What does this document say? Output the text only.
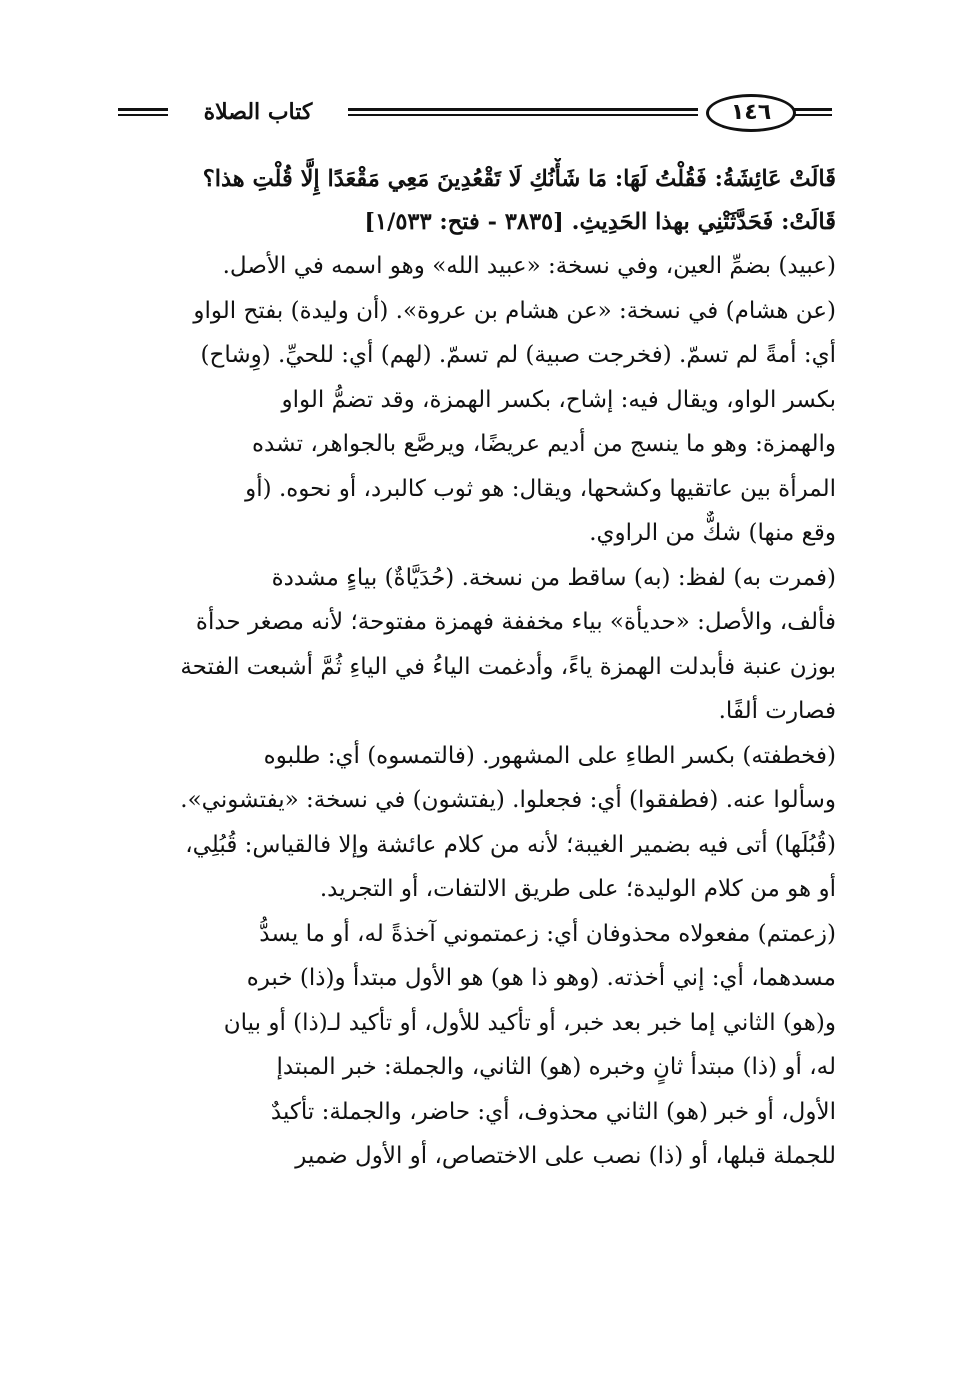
كتاب الصلاة	١٤٦
قَالَتْ عَائِشَةُ: فَقُلْتُ لَهَا: مَا شَأْنُكِ لَا تَقْعُدِينَ مَعِي مَقْعَدًا إِلَّا قُلْتِ هذا؟
قَالَتْ: فَحَدَّثَتْنِي بهذا الحَدِيثِ. [٣٨٣٥ - فتح: ١/٥٣٣]
(عبيد) بضمِّ العين، وفي نسخة: «عبيد الله» وهو اسمه في الأصل.
(عن هشام) في نسخة: «عن هشام بن عروة». (أن وليدة) بفتح الواو
أي: أمةً لم تسمّ. (فخرجت صبية) لم تسمّ. (لهم) أي: للحيِّ. (وِشاح)
بكسر الواو، ويقال فيه: إشاح، بكسر الهمزة، وقد تضمُّ الواو
والهمزة: وهو ما ينسج من أديم عريضًا، ويرصَّع بالجواهر، تشده
المرأة بين عاتقيها وكشحها، ويقال: هو ثوب كالبرد، أو نحوه. (أو
وقع منها) شكٌّ من الراوي.
(فمرت به) لفظ: (به) ساقط من نسخة. (حُدَيَّاةٌ) بياءٍ مشددة
فألف، والأصل: «حديأة» بياء مخففة فهمزة مفتوحة؛ لأنه مصغر حدأة
بوزن عنبة فأبدلت الهمزة ياءً، وأدغمت الياءُ في الياءِ ثُمَّ أشبعت الفتحة
فصارت ألفًا.
(فخطفته) بكسر الطاءِ على المشهور. (فالتمسوه) أي: طلبوه
وسألوا عنه. (فطفقوا) أي: فجعلوا. (يفتشون) في نسخة: «يفتشوني».
(قُبُلَها) أتى فيه بضمير الغيبة؛ لأنه من كلام عائشة وإلا فالقياس: قُبُلِي،
أو هو من كلام الوليدة؛ على طريق الالتفات، أو التجريد.
(زعمتم) مفعولاه محذوفان أي: زعمتموني آخذةً له، أو ما يسدُّ
مسدهما، أي: إني أخذته. (وهو ذا هو) هو الأول مبتدأ و(ذا) خبره
و(هو) الثاني إما خبر بعد خبر، أو تأكيد للأول، أو تأكيد لـ(ذا) أو بيان
له، أو (ذا) مبتدأ ثانٍ وخبره (هو) الثاني، والجملة: خبر المبتدإ
الأول، أو خبر (هو) الثاني محذوف، أي: حاضر، والجملة: تأكيدٌ
للجملة قبلها، أو (ذا) نصب على الاختصاص، أو الأول ضمير
